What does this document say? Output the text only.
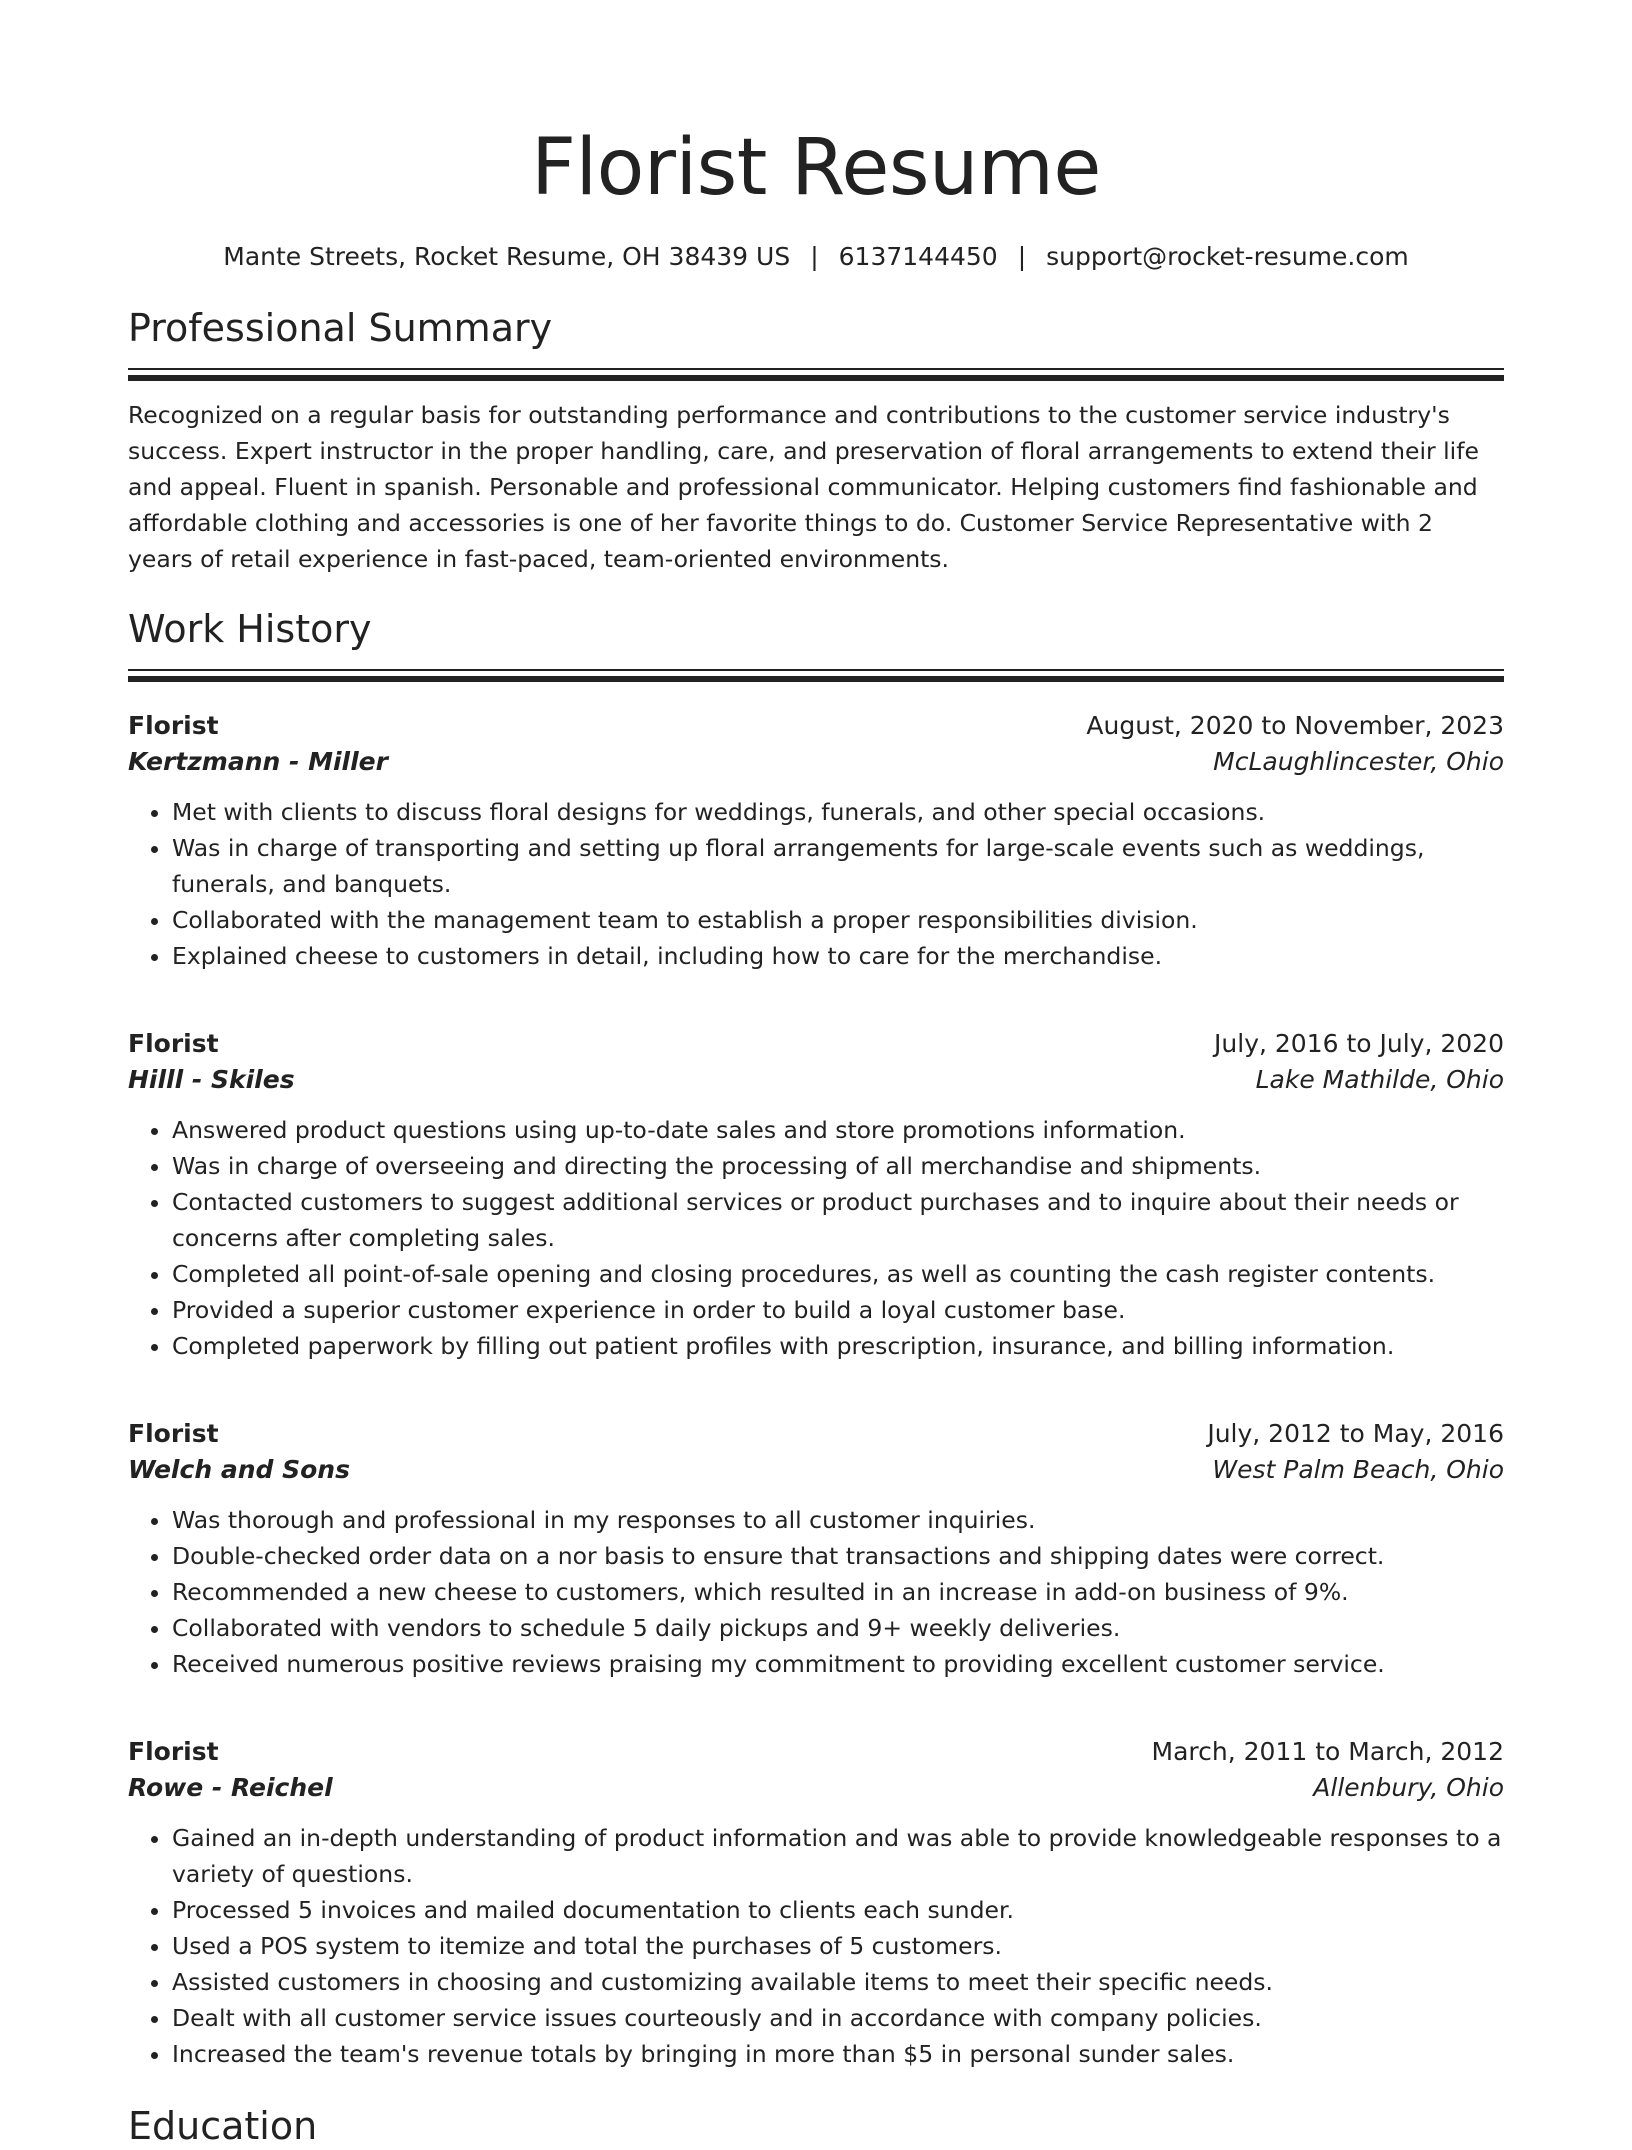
Florist Resume
Mante Streets, Rocket Resume, OH 38439 US | 6137144450 | support@rocket-resume.com
Professional Summary
Recognized on a regular basis for outstanding performance and contributions to the customer service industry's success. Expert instructor in the proper handling, care, and preservation of floral arrangements to extend their life and appeal. Fluent in spanish. Personable and professional communicator. Helping customers find fashionable and affordable clothing and accessories is one of her favorite things to do. Customer Service Representative with 2 years of retail experience in fast-paced, team-oriented environments.
Work History
Florist	August, 2020 to November, 2023
Kertzmann - Miller	McLaughlincester, Ohio
• Met with clients to discuss floral designs for weddings, funerals, and other special occasions.
• Was in charge of transporting and setting up floral arrangements for large-scale events such as weddings, funerals, and banquets.
• Collaborated with the management team to establish a proper responsibilities division.
• Explained cheese to customers in detail, including how to care for the merchandise.
Florist	July, 2016 to July, 2020
Hilll - Skiles	Lake Mathilde, Ohio
• Answered product questions using up-to-date sales and store promotions information.
• Was in charge of overseeing and directing the processing of all merchandise and shipments.
• Contacted customers to suggest additional services or product purchases and to inquire about their needs or concerns after completing sales.
• Completed all point-of-sale opening and closing procedures, as well as counting the cash register contents.
• Provided a superior customer experience in order to build a loyal customer base.
• Completed paperwork by filling out patient profiles with prescription, insurance, and billing information.
Florist	July, 2012 to May, 2016
Welch and Sons	West Palm Beach, Ohio
• Was thorough and professional in my responses to all customer inquiries.
• Double-checked order data on a nor basis to ensure that transactions and shipping dates were correct.
• Recommended a new cheese to customers, which resulted in an increase in add-on business of 9%.
• Collaborated with vendors to schedule 5 daily pickups and 9+ weekly deliveries.
• Received numerous positive reviews praising my commitment to providing excellent customer service.
Florist	March, 2011 to March, 2012
Rowe - Reichel	Allenbury, Ohio
• Gained an in-depth understanding of product information and was able to provide knowledgeable responses to a variety of questions.
• Processed 5 invoices and mailed documentation to clients each sunder.
• Used a POS system to itemize and total the purchases of 5 customers.
• Assisted customers in choosing and customizing available items to meet their specific needs.
• Dealt with all customer service issues courteously and in accordance with company policies.
• Increased the team's revenue totals by bringing in more than $5 in personal sunder sales.
Education
